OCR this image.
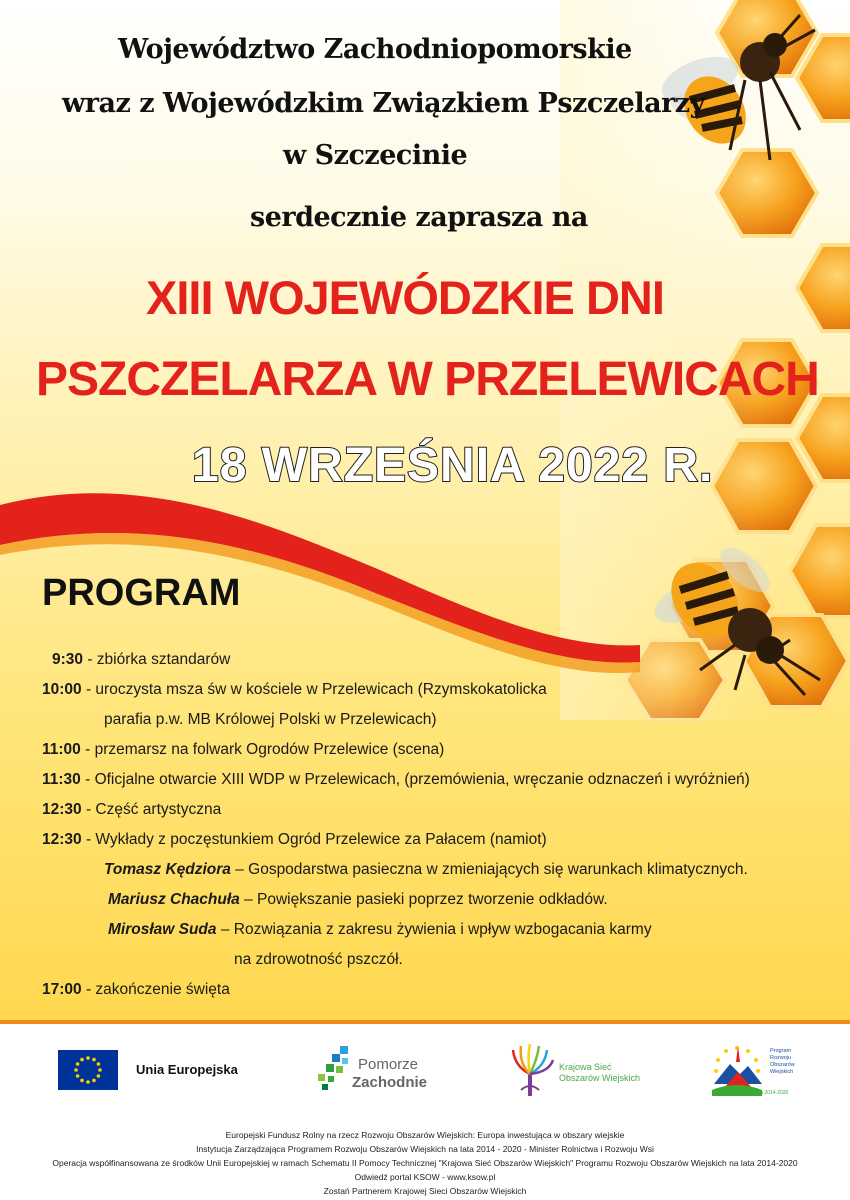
Województwo Zachodniopomorskie
wraz z Wojewódzkim Związkiem Pszczelarzy
w Szczecinie
serdecznie zaprasza na
XIII WOJEWÓDZKIE DNI
PSZCZELARZA W PRZELEWICACH
18 WRZEŚNIA 2022 R.
PROGRAM
9:30 - zbiórka sztandarów
10:00 - uroczysta msza św w kościele w Przelewicach (Rzymskokatolicka
parafia p.w. MB Królowej Polski w Przelewicach)
11:00 - przemarsz na folwark Ogrodów Przelewice (scena)
11:30 - Oficjalne otwarcie XIII WDP w Przelewicach, (przemówienia, wręczanie odznaczeń i wyróżnień)
12:30 - Część artystyczna
12:30 - Wykłady z poczęstunkiem Ogród Przelewice za Pałacem (namiot)
Tomasz Kędziora – Gospodarstwa pasieczna w zmieniających się warunkach klimatycznych.
Mariusz Chachuła – Powiększanie pasieki poprzez tworzenie odkładów.
Mirosław Suda – Rozwiązania z zakresu żywienia i wpływ wzbogacania karmy
na zdrowotność pszczół.
17:00 - zakończenie święta
Unia Europejska	Pomorze
Zachodnie
Krajowa Sieć
Obszarów Wiejskich
Program
Rozwoju
Obszarów
Wiejskich
na lata 2014-2020
Europejski Fundusz Rolny na rzecz Rozwoju Obszarów Wiejskich: Europa inwestująca w obszary wiejskie
Instytucja Zarządzająca Programem Rozwoju Obszarów Wiejskich na lata 2014 - 2020 - Minister Rolnictwa i Rozwoju Wsi
Operacja współfinansowana ze środków Unii Europejskiej w ramach Schematu II Pomocy Technicznej "Krajowa Sieć Obszarów Wiejskich" Programu Rozwoju Obszarów Wiejskich na lata 2014-2020
Odwiedź portal KSOW - www.ksow.pl
Zostań Partnerem Krajowej Sieci Obszarów Wiejskich
